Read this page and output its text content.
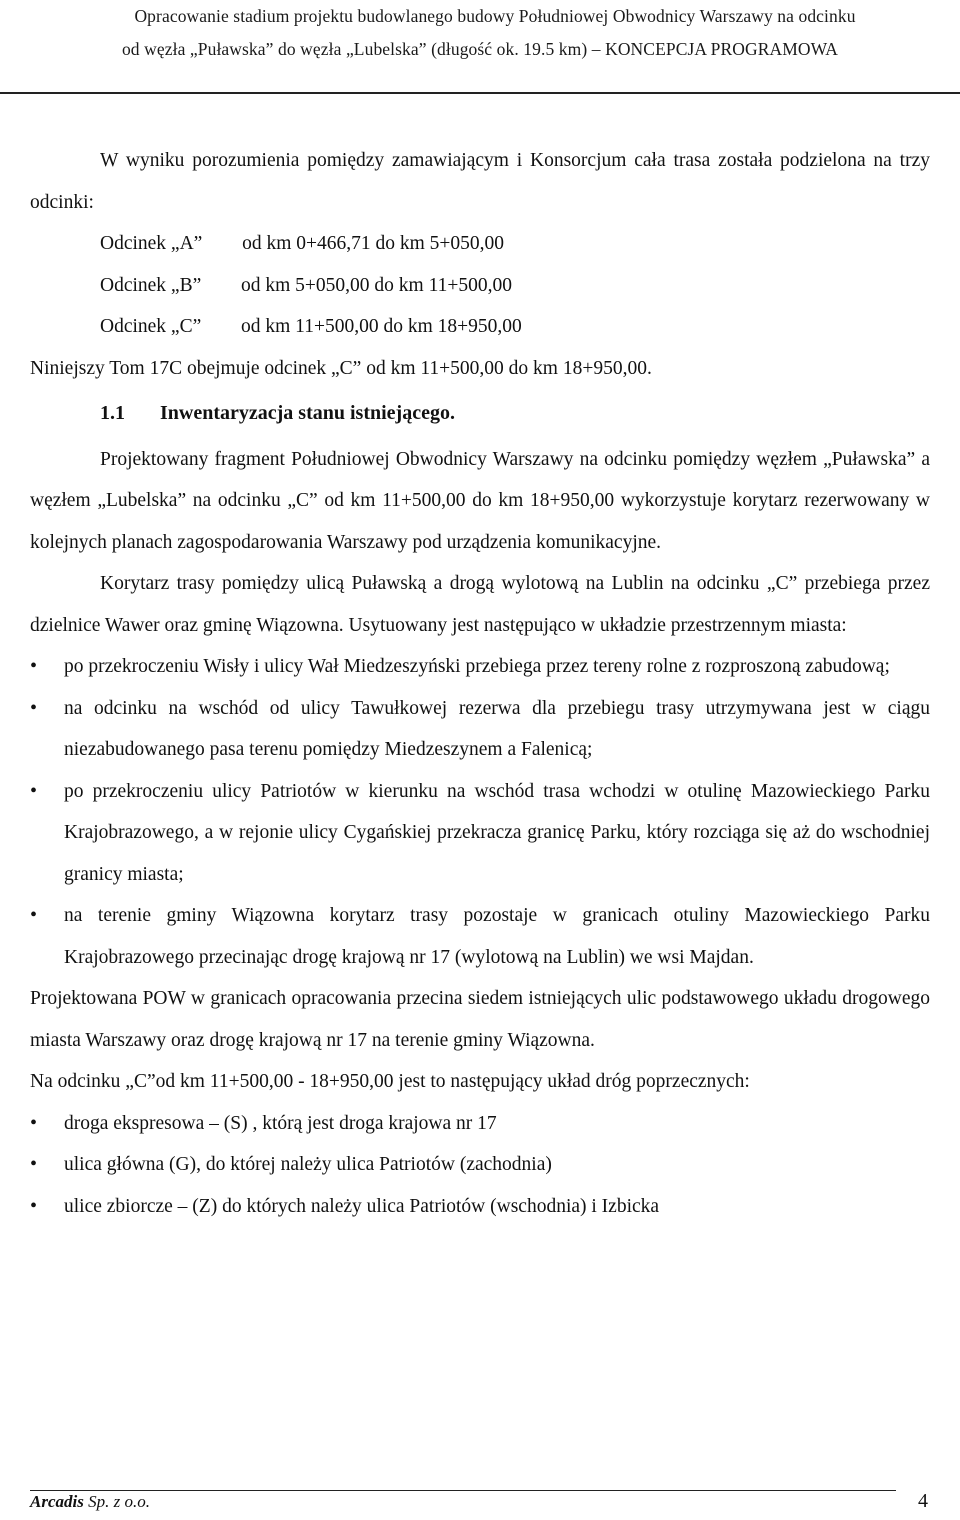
Opracowanie stadium projektu budowlanego budowy Południowej Obwodnicy Warszawy na odcinku
od węzła „Puławska” do węzła „Lubelska” (długość ok. 19.5 km) – KONCEPCJA PROGRAMOWA

W wyniku porozumienia pomiędzy zamawiającym i Konsorcjum cała trasa została podzielona na trzy odcinki:

Odcinek „A” od km 0+466,71 do km 5+050,00
Odcinek „B” od km 5+050,00 do km 11+500,00
Odcinek „C” od km 11+500,00 do km 18+950,00

Niniejszy Tom 17C obejmuje odcinek „C” od km 11+500,00 do km 18+950,00.

1.1 Inwentaryzacja stanu istniejącego.

Projektowany fragment Południowej Obwodnicy Warszawy na odcinku pomiędzy węzłem „Puławska” a węzłem „Lubelska” na odcinku „C” od km 11+500,00 do km 18+950,00 wykorzystuje korytarz rezerwowany w kolejnych planach zagospodarowania Warszawy pod urządzenia komunikacyjne.

Korytarz trasy pomiędzy ulicą Puławską a drogą wylotową na Lublin na odcinku „C” przebiega przez dzielnice Wawer oraz gminę Wiązowna. Usytuowany jest następująco w układzie przestrzennym miasta:

•	po przekroczeniu Wisły i ulicy Wał Miedzeszyński przebiega przez tereny rolne z rozproszoną zabudową;
•	na odcinku na wschód od ulicy Tawułkowej rezerwa dla przebiegu trasy utrzymywana jest w ciągu niezabudowanego pasa terenu pomiędzy Miedzeszynem a Falenicą;
•	po przekroczeniu ulicy Patriotów w kierunku na wschód trasa wchodzi w otulinę Mazowieckiego Parku Krajobrazowego, a w rejonie ulicy Cygańskiej przekracza granicę Parku, który rozciąga się aż do wschodniej granicy miasta;
•	na terenie gminy Wiązowna korytarz trasy pozostaje w granicach otuliny Mazowieckiego Parku Krajobrazowego przecinając drogę krajową nr 17 (wylotową na Lublin) we wsi Majdan.

Projektowana POW w granicach opracowania przecina siedem istniejących ulic podstawowego układu drogowego miasta Warszawy oraz drogę krajową nr 17 na terenie gminy Wiązowna.

Na odcinku „C”od km 11+500,00 - 18+950,00 jest to następujący układ dróg poprzecznych:

•	droga ekspresowa – (S) , którą jest droga krajowa nr 17
•	ulica główna (G), do której należy ulica Patriotów (zachodnia)
•	ulice zbiorcze – (Z) do których należy ulica Patriotów (wschodnia) i Izbicka
Arcadis Sp. z o.o.	4
